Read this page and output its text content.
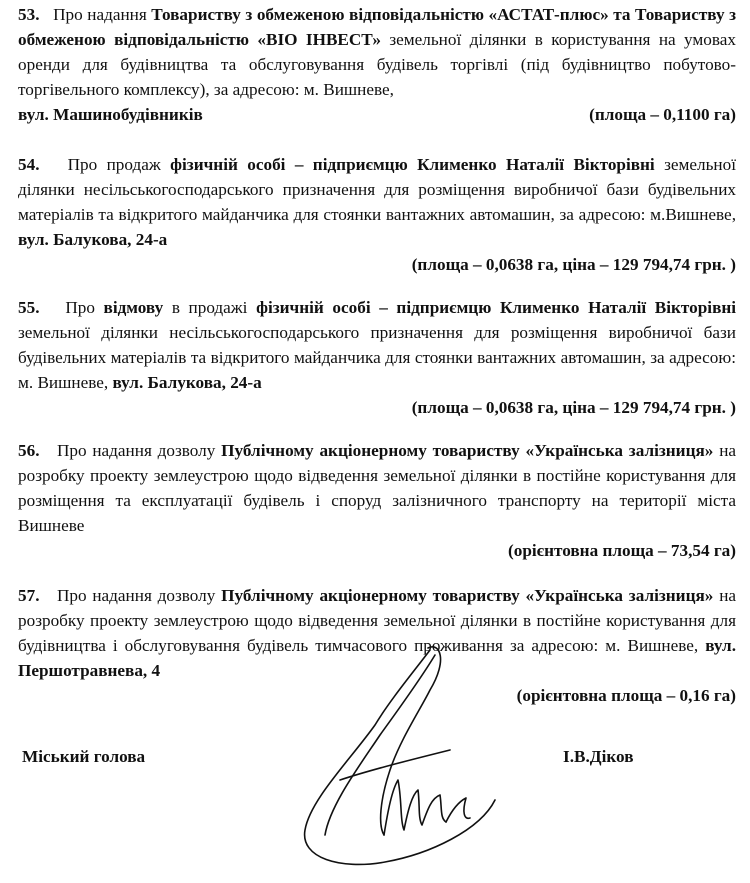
53. Про надання Товариству з обмеженою відповідальністю «АСТАТ-плюс» та Товариству з обмеженою відповідальністю «ВІО ІНВЕСТ» земельної ділянки в користування на умовах оренди для будівництва та обслуговування будівель торгівлі (під будівництво побутово-торгівельного комплексу), за адресою: м. Вишневе,

вул. Машинобудівників	(площа – 0,1100 га)

54. Про продаж фізичній особі – підприємцю Клименко Наталії Вікторівні земельної ділянки несільськогосподарського призначення для розміщення виробничої бази будівельних матеріалів та відкритого майданчика для стоянки вантажних автомашин, за адресою: м.Вишневе, вул. Балукова, 24-а

(площа – 0,0638 га, ціна – 129 794,74 грн. )

55. Про відмову в продажі фізичній особі – підприємцю Клименко Наталії Вікторівні земельної ділянки несільськогосподарського призначення для розміщення виробничої бази будівельних матеріалів та відкритого майданчика для стоянки вантажних автомашин, за адресою: м. Вишневе, вул. Балукова, 24-а

(площа – 0,0638 га, ціна – 129 794,74 грн. )

56. Про надання дозволу Публічному акціонерному товариству «Українська залізниця» на розробку проекту землеустрою щодо відведення земельної ділянки в постійне користування для розміщення та експлуатації будівель і споруд залізничного транспорту на території міста Вишневе

(орієнтовна площа – 73,54 га)

57. Про надання дозволу Публічному акціонерному товариству «Українська залізниця» на розробку проекту землеустрою щодо відведення земельної ділянки в постійне користування для будівництва і обслуговування будівель тимчасового проживання за адресою: м. Вишневе, вул. Першотравнева, 4

(орієнтовна площа – 0,16 га)
Міський голова	І.В.Діков
